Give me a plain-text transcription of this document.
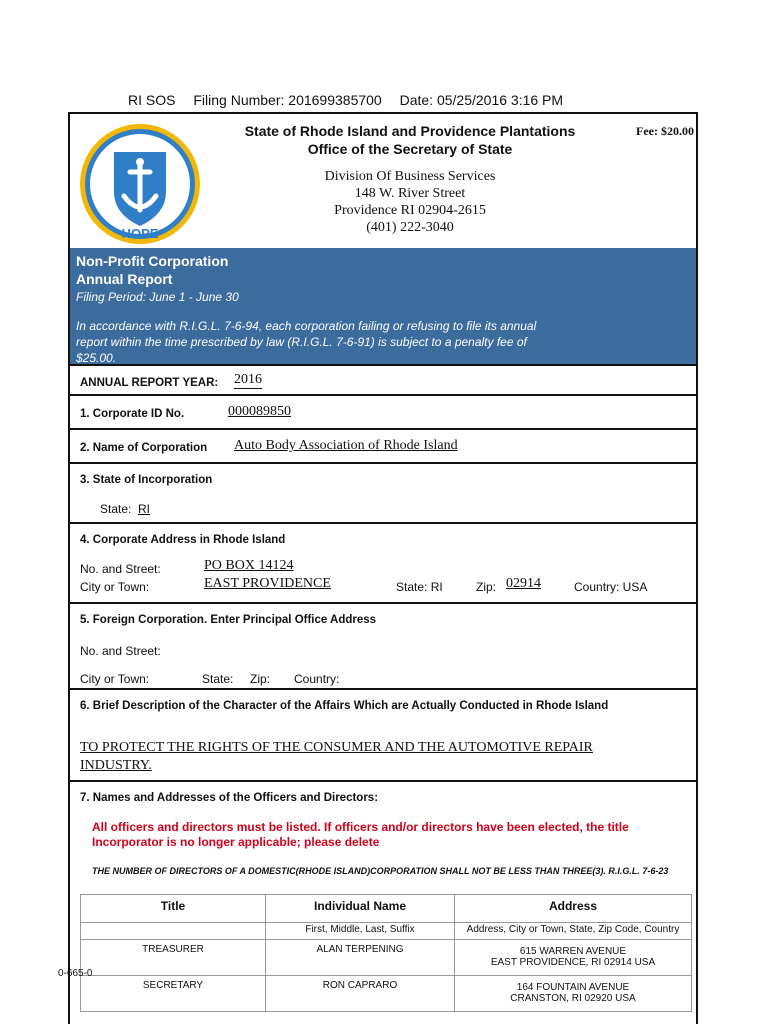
RI SOS Filing Number: 201699385700 Date: 05/25/2016 3:16 PM
HOPE
State of Rhode Island and Providence Plantations
Office of the Secretary of State
Fee: $20.00
Division Of Business Services
148 W. River Street
Providence RI 02904-2615
(401) 222-3040
Non-Profit Corporation
Annual Report
Filing Period: June 1 - June 30
In accordance with R.I.G.L. 7-6-94, each corporation failing or refusing to file its annual report within the time prescribed by law (R.I.G.L. 7-6-91) is subject to a penalty fee of $25.00.
ANNUAL REPORT YEAR: 2016
1. Corporate ID No.	000089850
2. Name of Corporation Auto Body Association of Rhode Island
3. State of Incorporation
State: RI
4. Corporate Address in Rhode Island
No. and Street:	PO BOX 14124
City or Town:	EAST PROVIDENCE	State: RI	Zip: 02914	Country: USA
5. Foreign Corporation. Enter Principal Office Address
No. and Street:
City or Town:	State: Zip: Country:
6. Brief Description of the Character of the Affairs Which are Actually Conducted in Rhode Island
TO PROTECT THE RIGHTS OF THE CONSUMER AND THE AUTOMOTIVE REPAIR
INDUSTRY.
7. Names and Addresses of the Officers and Directors:
All officers and directors must be listed. If officers and/or directors have been elected, the title Incorporator is no longer applicable; please delete
THE NUMBER OF DIRECTORS OF A DOMESTIC(RHODE ISLAND)CORPORATION SHALL NOT BE LESS THAN THREE(3). R.I.G.L. 7-6-23
Title	Individual Name	Address
	First, Middle, Last, Suffix	Address, City or Town, State, Zip Code, Country
TREASURER	ALAN TERPENING	615 WARREN AVENUE
EAST PROVIDENCE, RI 02914 USA

SECRETARY	RON CAPRARO	164 FOUNTAIN AVENUE
CRANSTON, RI 02920 USA
0-665-0
